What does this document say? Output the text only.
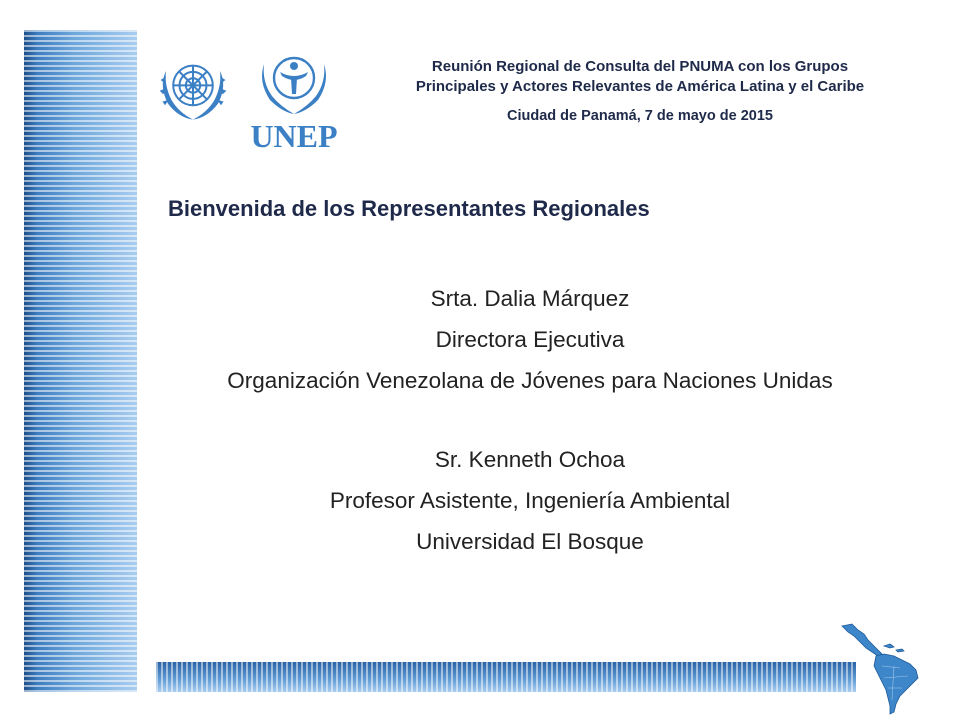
UNEP
Reunión Regional de Consulta del PNUMA con los Grupos
Principales y Actores Relevantes de América Latina y el Caribe
Ciudad de Panamá, 7 de mayo de 2015
Bienvenida de los Representantes Regionales
Srta. Dalia Márquez
Directora Ejecutiva
Organización Venezolana de Jóvenes para Naciones Unidas
Sr. Kenneth Ochoa
Profesor Asistente, Ingeniería Ambiental
Universidad El Bosque
